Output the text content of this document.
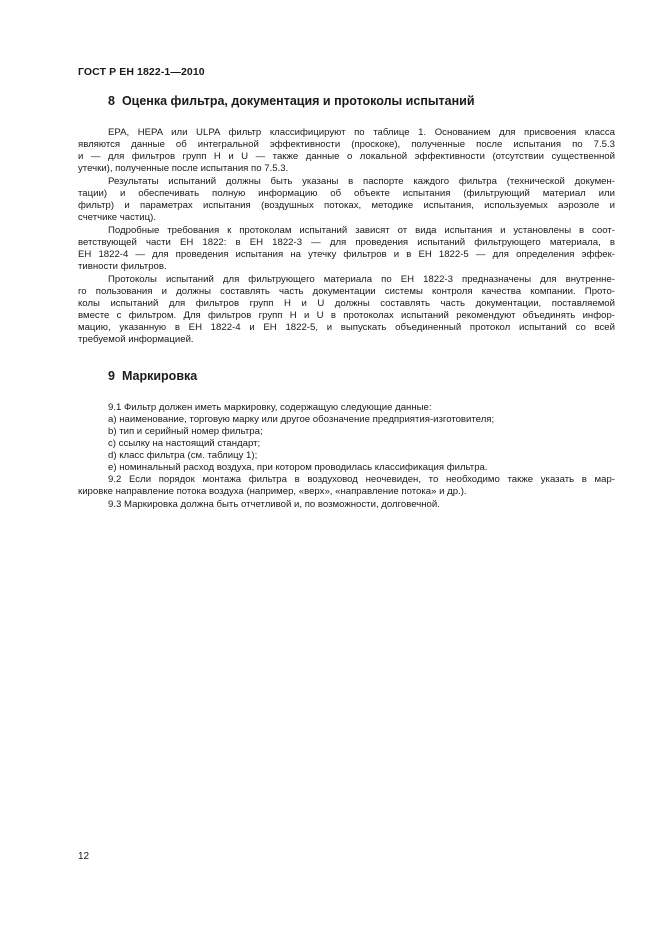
ГОСТ Р ЕН 1822-1—2010
8 Оценка фильтра, документация и протоколы испытаний
EPA, HEPA или ULPA фильтр классифицируют по таблице 1. Основанием для присвоения класса
являются данные об интегральной эффективности (проскоке), полученные после испытания по 7.5.3
и — для фильтров групп H и U — также данные о локальной эффективности (отсутствии существенной
утечки), полученные после испытания по 7.5.3.
Результаты испытаний должны быть указаны в паспорте каждого фильтра (технической докумен-
тации) и обеспечивать полную информацию об объекте испытания (фильтрующий материал или
фильтр) и параметрах испытания (воздушных потоках, методике испытания, используемых аэрозоле и
счетчике частиц).
Подробные требования к протоколам испытаний зависят от вида испытания и установлены в соот-
ветствующей части ЕН 1822: в ЕН 1822-3 — для проведения испытаний фильтрующего материала, в
ЕН 1822-4 — для проведения испытания на утечку фильтров и в ЕН 1822-5 — для определения эффек-
тивности фильтров.
Протоколы испытаний для фильтрующего материала по ЕН 1822-3 предназначены для внутренне-
го пользования и должны составлять часть документации системы контроля качества компании. Прото-
колы испытаний для фильтров групп H и U должны составлять часть документации, поставляемой
вместе с фильтром. Для фильтров групп H и U в протоколах испытаний рекомендуют объединять инфор-
мацию, указанную в ЕН 1822-4 и ЕН 1822-5, и выпускать объединенный протокол испытаний со всей
требуемой информацией.
9 Маркировка
9.1 Фильтр должен иметь маркировку, содержащую следующие данные:
a) наименование, торговую марку или другое обозначение предприятия-изготовителя;
b) тип и серийный номер фильтра;
c) ссылку на настоящий стандарт;
d) класс фильтра (см. таблицу 1);
e) номинальный расход воздуха, при котором проводилась классификация фильтра.
9.2 Если порядок монтажа фильтра в воздуховод неочевиден, то необходимо также указать в мар-
кировке направление потока воздуха (например, «верх», «направление потока» и др.).
9.3 Маркировка должна быть отчетливой и, по возможности, долговечной.
12
